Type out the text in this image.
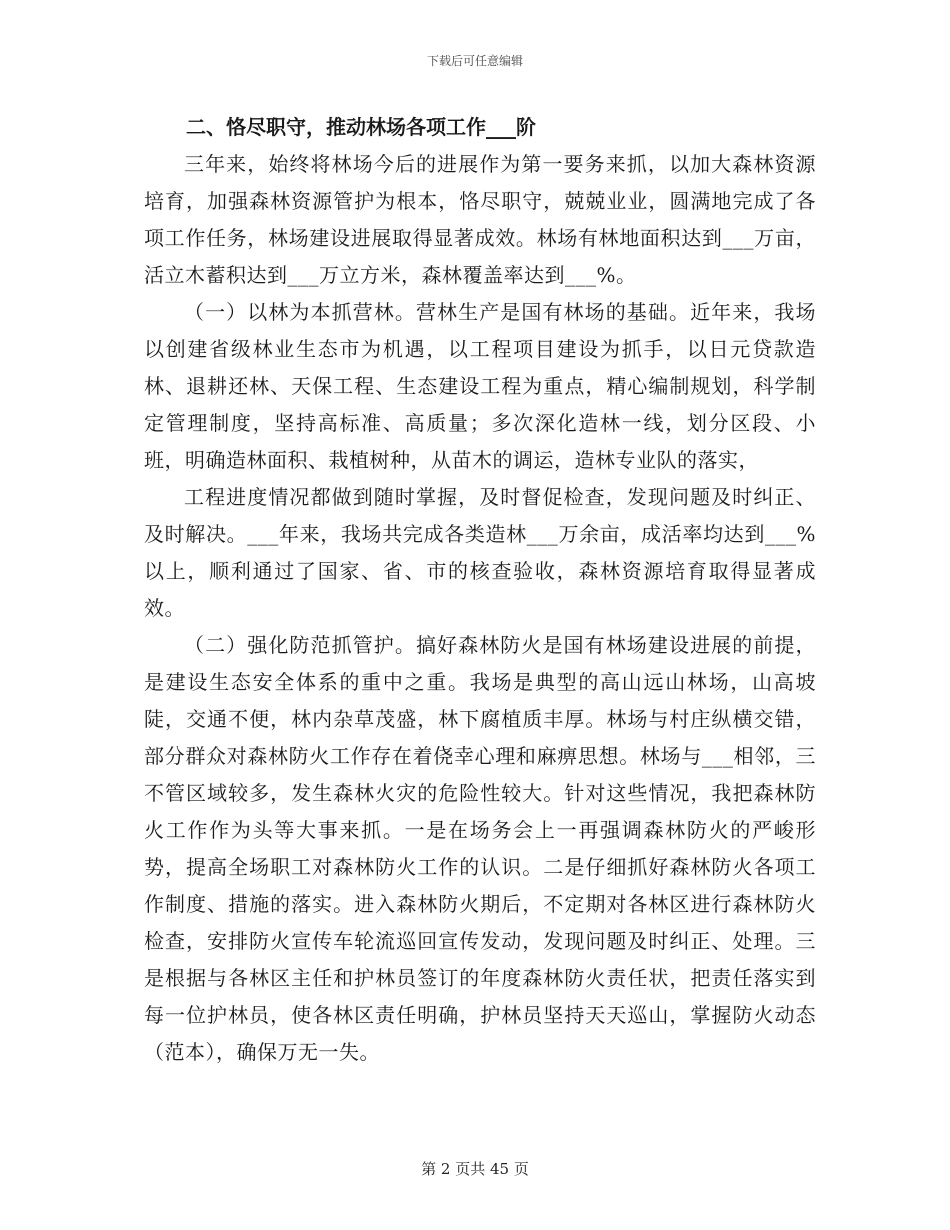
下载后可任意编辑
二、恪尽职守，推动林场各项工作___阶

三年来，始终将林场今后的进展作为第一要务来抓，以加大森林资源培育，加强森林资源管护为根本，恪尽职守，兢兢业业，圆满地完成了各项工作任务，林场建设进展取得显著成效。林场有林地面积达到___万亩，活立木蓄积达到___万立方米，森林覆盖率达到___%。

（一）以林为本抓营林。营林生产是国有林场的基础。近年来，我场以创建省级林业生态市为机遇，以工程项目建设为抓手，以日元贷款造林、退耕还林、天保工程、生态建设工程为重点，精心编制规划，科学制定管理制度，坚持高标准、高质量；多次深化造林一线，划分区段、小班，明确造林面积、栽植树种，从苗木的调运，造林专业队的落实，

工程进度情况都做到随时掌握，及时督促检查，发现问题及时纠正、及时解决。___年来，我场共完成各类造林___万余亩，成活率均达到___%以上，顺利通过了国家、省、市的核查验收，森林资源培育取得显著成效。

（二）强化防范抓管护。搞好森林防火是国有林场建设进展的前提，是建设生态安全体系的重中之重。我场是典型的高山远山林场，山高坡陡，交通不便，林内杂草茂盛，林下腐植质丰厚。林场与村庄纵横交错，部分群众对森林防火工作存在着侥幸心理和麻痹思想。林场与___相邻，三不管区域较多，发生森林火灾的危险性较大。针对这些情况，我把森林防火工作作为头等大事来抓。一是在场务会上一再强调森林防火的严峻形势，提高全场职工对森林防火工作的认识。二是仔细抓好森林防火各项工作制度、措施的落实。进入森林防火期后，不定期对各林区进行森林防火检查，安排防火宣传车轮流巡回宣传发动，发现问题及时纠正、处理。三是根据与各林区主任和护林员签订的年度森林防火责任状，把责任落实到每一位护林员，使各林区责任明确，护林员坚持天天巡山，掌握防火动态（范本），确保万无一失。

第 2 页共 45 页
